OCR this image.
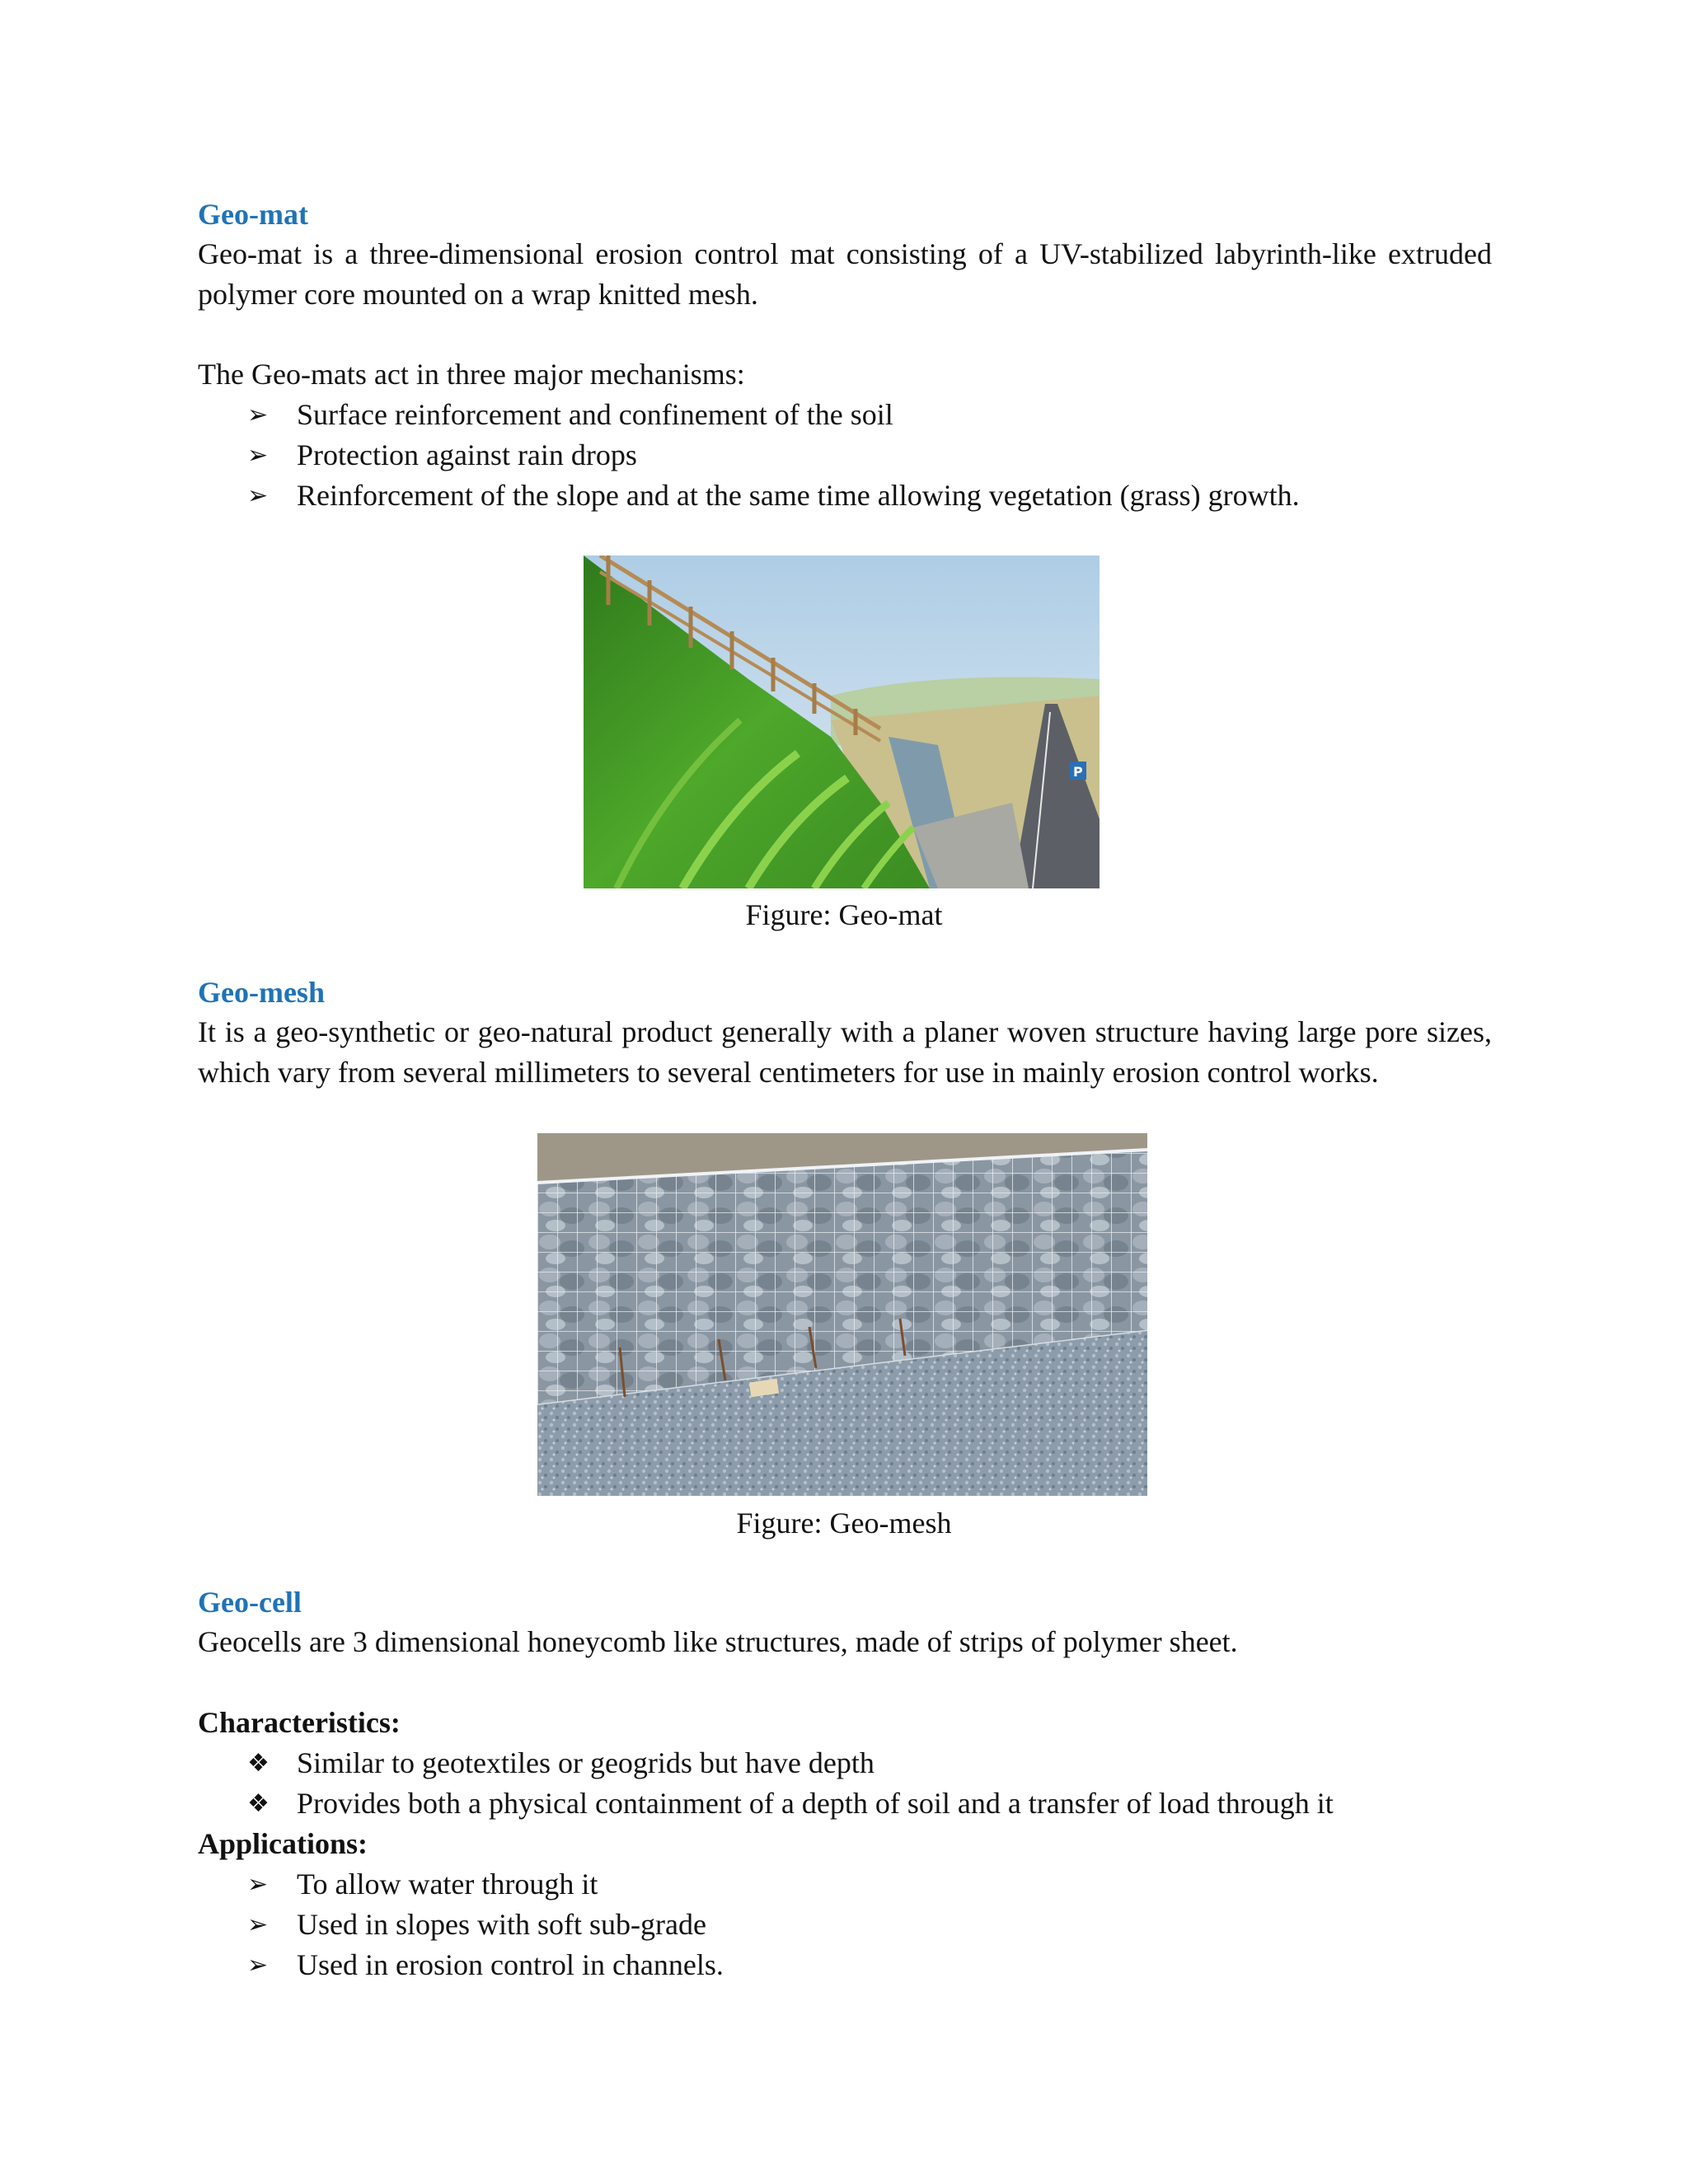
Geo-mat

Geo-mat is a three-dimensional erosion control mat consisting of a UV-stabilized labyrinth-like extruded polymer core mounted on a wrap knitted mesh.

The Geo-mats act in three major mechanisms:

➢ Surface reinforcement and confinement of the soil
➢ Protection against rain drops
➢ Reinforcement of the slope and at the same time allowing vegetation (grass) growth.
P

Figure: Geo-mat

Geo-mesh

It is a geo-synthetic or geo-natural product generally with a planer woven structure having large pore sizes, which vary from several millimeters to several centimeters for use in mainly erosion control works.

Figure: Geo-mesh

Geo-cell

Geocells are 3 dimensional honeycomb like structures, made of strips of polymer sheet.

Characteristics:

❖ Similar to geotextiles or geogrids but have depth
❖ Provides both a physical containment of a depth of soil and a transfer of load through it

Applications:

➢ To allow water through it
➢ Used in slopes with soft sub-grade
➢ Used in erosion control in channels.
